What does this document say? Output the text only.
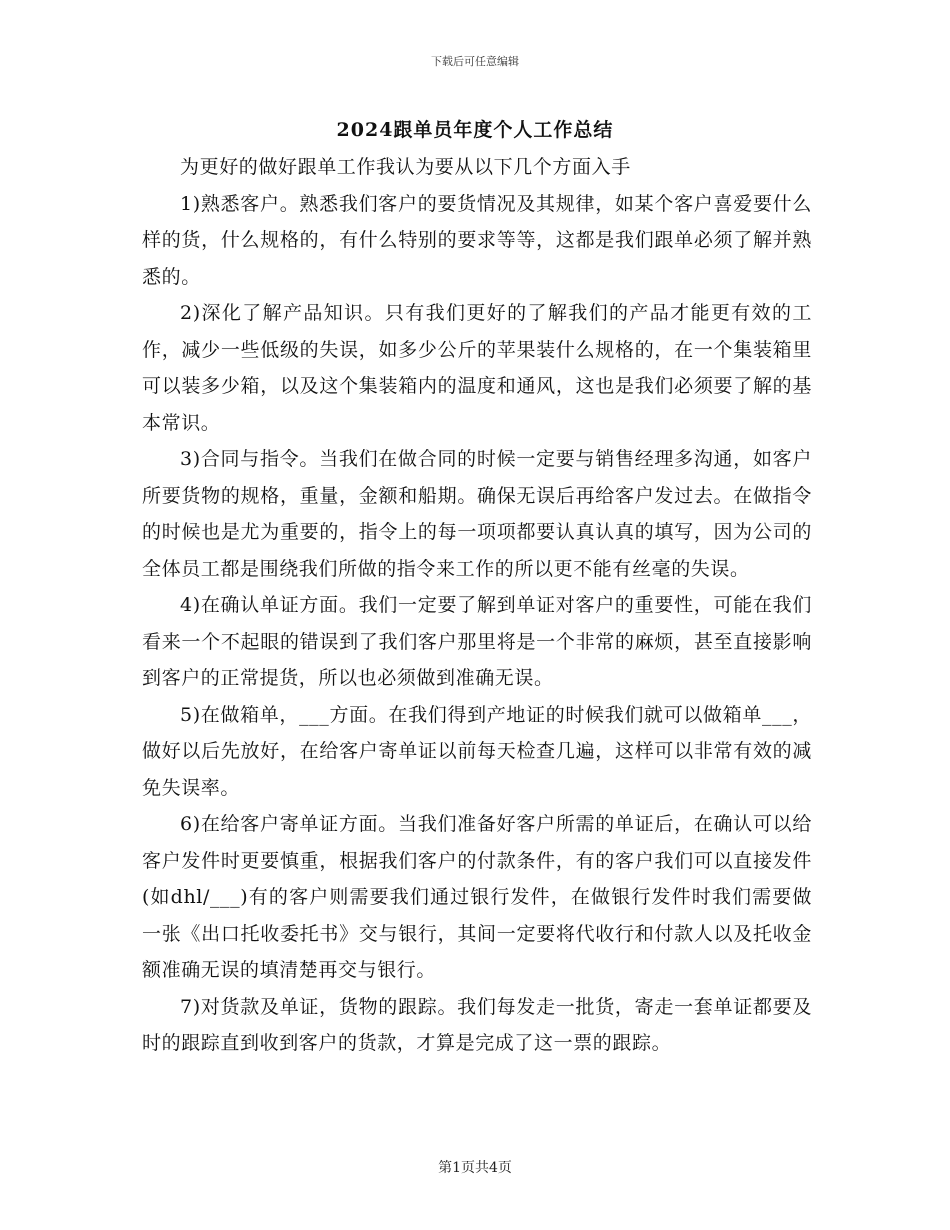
下载后可任意编辑
2024跟单员年度个人工作总结

为更好的做好跟单工作我认为要从以下几个方面入手

1)熟悉客户。熟悉我们客户的要货情况及其规律，如某个客户喜爱要什么样的货，什么规格的，有什么特别的要求等等，这都是我们跟单必须了解并熟悉的。

2)深化了解产品知识。只有我们更好的了解我们的产品才能更有效的工作，减少一些低级的失误，如多少公斤的苹果装什么规格的，在一个集装箱里可以装多少箱，以及这个集装箱内的温度和通风，这也是我们必须要了解的基本常识。

3)合同与指令。当我们在做合同的时候一定要与销售经理多沟通，如客户所要货物的规格，重量，金额和船期。确保无误后再给客户发过去。在做指令的时候也是尤为重要的，指令上的每一项项都要认真认真的填写，因为公司的全体员工都是围绕我们所做的指令来工作的所以更不能有丝毫的失误。

4)在确认单证方面。我们一定要了解到单证对客户的重要性，可能在我们看来一个不起眼的错误到了我们客户那里将是一个非常的麻烦，甚至直接影响到客户的正常提货，所以也必须做到准确无误。

5)在做箱单，___方面。在我们得到产地证的时候我们就可以做箱单___，做好以后先放好，在给客户寄单证以前每天检查几遍，这样可以非常有效的减免失误率。

6)在给客户寄单证方面。当我们准备好客户所需的单证后，在确认可以给客户发件时更要慎重，根据我们客户的付款条件，有的客户我们可以直接发件(如dhl/___)有的客户则需要我们通过银行发件，在做银行发件时我们需要做一张《出口托收委托书》交与银行，其间一定要将代收行和付款人以及托收金额准确无误的填清楚再交与银行。

7)对货款及单证，货物的跟踪。我们每发走一批货，寄走一套单证都要及时的跟踪直到收到客户的货款，才算是完成了这一票的跟踪。

第1页共4页
